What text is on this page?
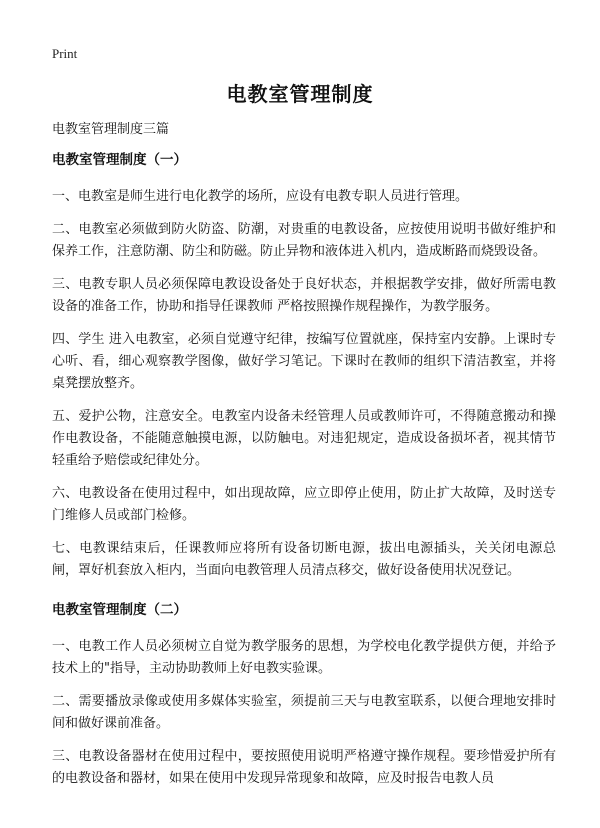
Print
电教室管理制度
电教室管理制度三篇
电教室管理制度（一）

一、电教室是师生进行电化教学的场所，应设有电教专职人员进行管理。

二、电教室必须做到防火防盗、防潮，对贵重的电教设备，应按使用说明书做好维护和保养工作，注意防潮、防尘和防磁。防止异物和液体进入机内，造成断路而烧毁设备。

三、电教专职人员必须保障电教设设备处于良好状态，并根据教学安排，做好所需电教设备的准备工作，协助和指导任课教师 严格按照操作规程操作，为教学服务。

四、学生 进入电教室，必须自觉遵守纪律，按编写位置就座，保持室内安静。上课时专心听、看，细心观察教学图像，做好学习笔记。下课时在教师的组织下清洁教室，并将桌凳摆放整齐。

五、爱护公物，注意安全。电教室内设备未经管理人员或教师许可，不得随意搬动和操作电教设备，不能随意触摸电源，以防触电。对违犯规定，造成设备损坏者，视其情节轻重给予赔偿或纪律处分。

六、电教设备在使用过程中，如出现故障，应立即停止使用，防止扩大故障，及时送专门维修人员或部门检修。

七、电教课结束后，任课教师应将所有设备切断电源，拔出电源插头，关关闭电源总闸，罩好机套放入柜内，当面向电教管理人员清点移交，做好设备使用状况登记。

电教室管理制度（二）

一、电教工作人员必须树立自觉为教学服务的思想，为学校电化教学提供方便，并给予技术上的"指导，主动协助教师上好电教实验课。

二、需要播放录像或使用多媒体实验室，须提前三天与电教室联系，以便合理地安排时间和做好课前准备。

三、电教设备器材在使用过程中，要按照使用说明严格遵守操作规程。要珍惜爱护所有的电教设备和器材，如果在使用中发现异常现象和故障，应及时报告电教人员
